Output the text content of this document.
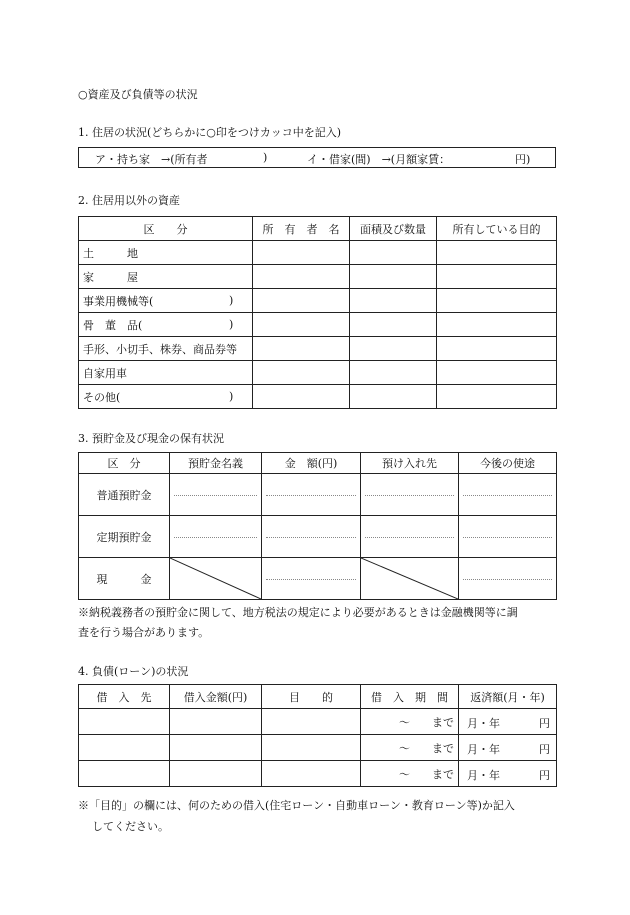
○資産及び負債等の状況
1. 住居の状況(どちらかに○印をつけカッコ中を記入)
ア・持ち家　→(所有者	)	イ・借家(間)　→(月額家賃：	円)
2. 住居用以外の資産
区　　分	所　有　者　名	面積及び数量	所有している目的
土　　　地			
家　　　屋			
事業用機械等( )			

骨　董　品( )			

手形、小切手、株券、商品券等			
自家用車			
その他( )			

3. 預貯金及び現金の保有状況
区　分	預貯金名義	金　額(円)	預け入れ先	今後の使途
普通預貯金	

定期預貯金	

現　　　金	

※納税義務者の預貯金に関して、地方税法の規定により必要があるときは金融機関等に調
査を行う場合があります。
4. 負債(ローン)の状況
借　入　先	借入金額(円)	目　　的	借　入　期　間	返済額(月・年)
			～　　まで	月・年 円

			～　　まで	月・年 円

			～　　まで	月・年 円
※「目的」の欄には、何のための借入(住宅ローン・自動車ローン・教育ローン等)か記入
してください。
